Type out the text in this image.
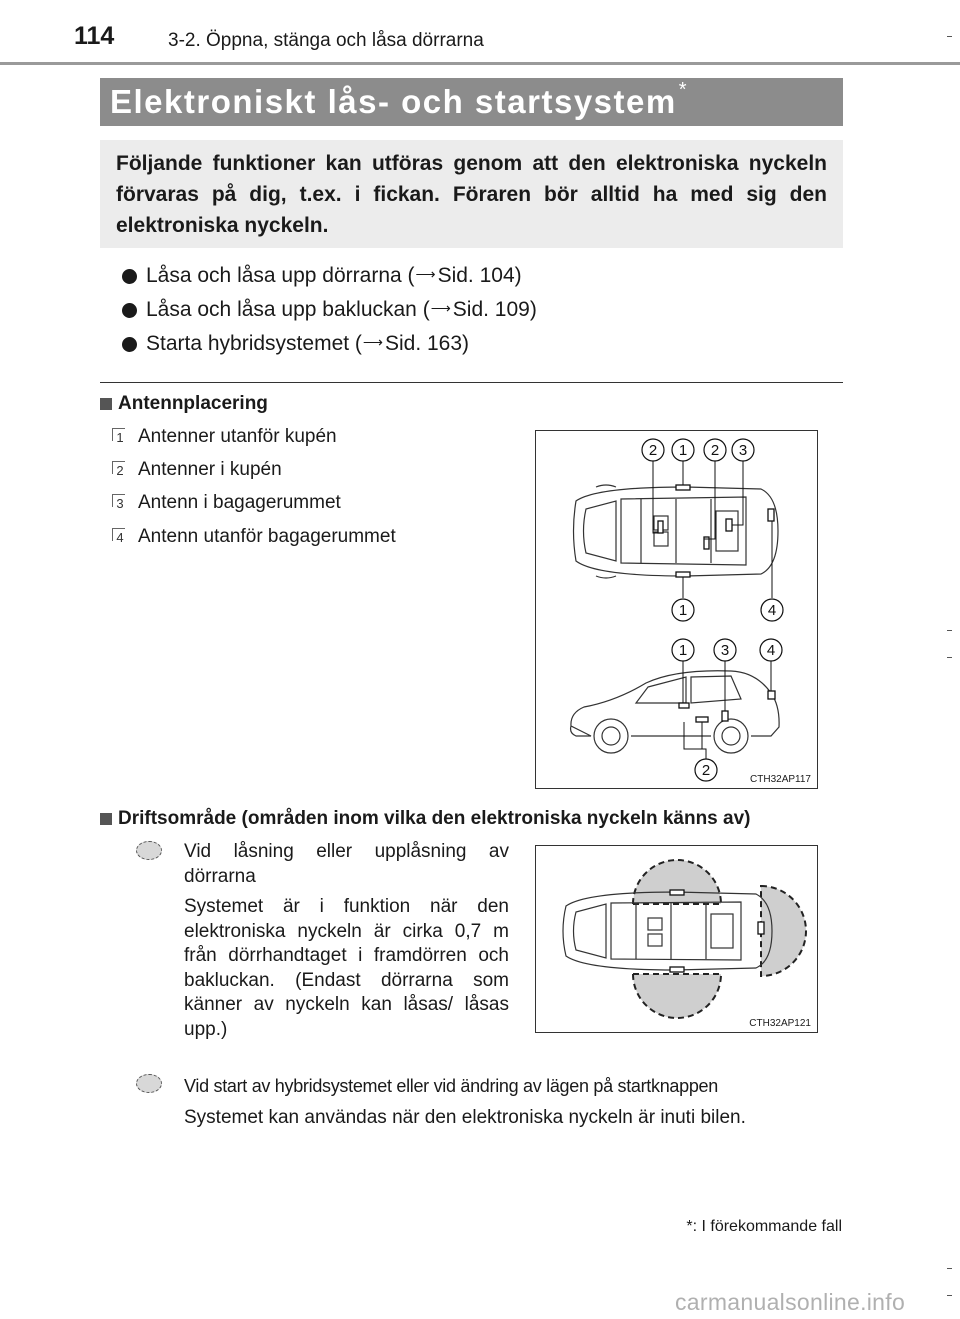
114	3-2. Öppna, stänga och låsa dörrarna
Elektroniskt lås- och startsystem *
Följande funktioner kan utföras genom att den elektroniska nyckeln förvaras på dig, t.ex. i fickan. Föraren bör alltid ha med sig den elektroniska nyckeln.
Låsa och låsa upp dörrarna ( ⟶ Sid. 104)
Låsa och låsa upp bakluckan ( ⟶ Sid. 109)
Starta hybridsystemet ( ⟶ Sid. 163)
Antennplacering
1 Antenner utanför kupén
2 Antenner i kupén
3 Antenn i bagagerummet
4 Antenn utanför bagagerummet
2 1 2 3
1	4
1 3	4
2
CTH32AP117
Driftsområde (områden inom vilka den elektroniska nyckeln känns av)
Vid låsning eller upplåsning av dörrarna
Systemet är i funktion när den elektroniska nyckeln är cirka 0,7 m från dörrhandtaget i framdörren och bakluckan. (Endast dörrarna som känner av nyckeln kan låsas/ låsas upp.)	CTH32AP121
Vid start av hybridsystemet eller vid ändring av lägen på startknappen
Systemet kan användas när den elektroniska nyckeln är inuti bilen.
*: I förekommande fall
carmanualsonline.info
